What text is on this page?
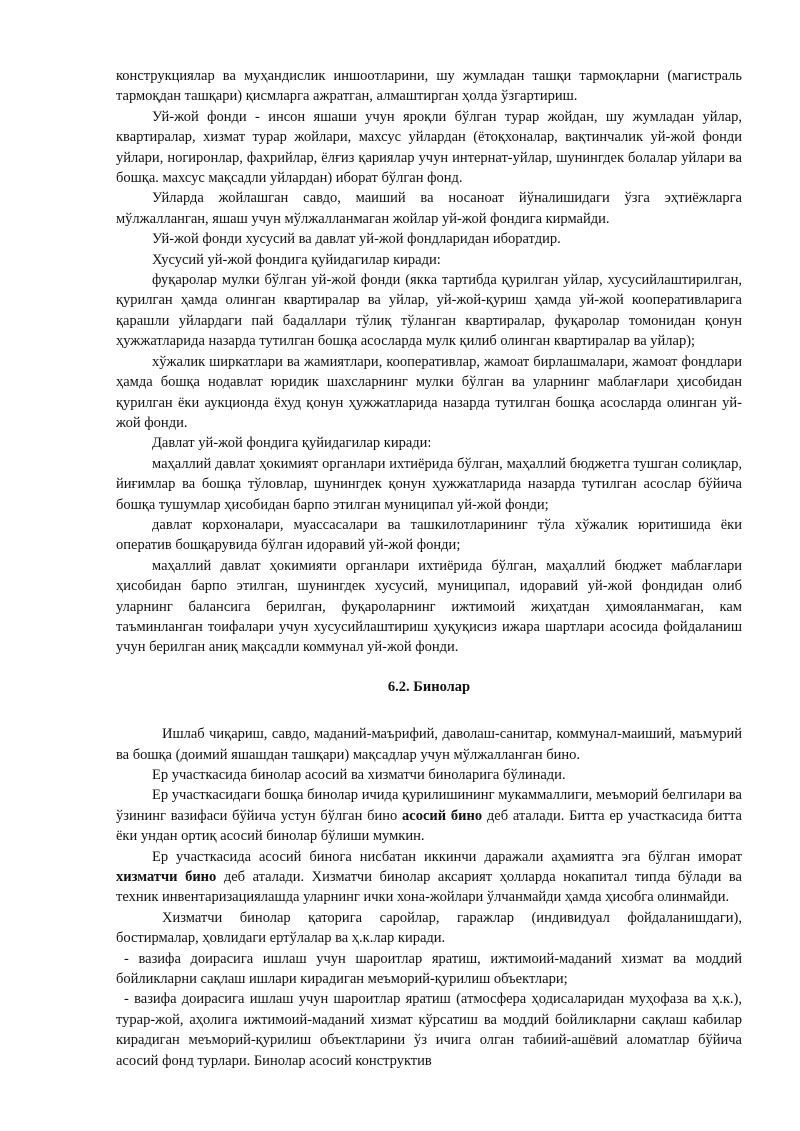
конструкциялар ва муҳандислик иншоотларини, шу жумладан ташқи тармоқларни (магистраль тармоқдан ташқари) қисмларга ажратган, алмаштирган ҳолда ўзгартириш.

Уй-жой фонди - инсон яшаши учун яроқли бўлган турар жойдан, шу жумладан уйлар, квартиралар, хизмат турар жойлари, махсус уйлардан (ётоқхоналар, вақтинчалик уй-жой фонди уйлари, ногиронлар, фахрийлар, ёлғиз қариялар учун интернат-уйлар, шунингдек болалар уйлари ва бошқа. махсус мақсадли уйлардан) иборат бўлган фонд.

Уйларда жойлашган савдо, маиший ва носаноат йўналишидаги ўзга эҳтиёжларга мўлжалланган, яшаш учун мўлжалланмаган жойлар уй-жой фондига кирмайди.

Уй-жой фонди хусусий ва давлат уй-жой фондларидан иборатдир.

Хусусий уй-жой фондига қуйидагилар киради:

фуқаролар мулки бўлган уй-жой фонди (якка тартибда қурилган уйлар, хусусийлаштирилган, қурилган ҳамда олинган квартиралар ва уйлар, уй-жой-қуриш ҳамда уй-жой кооперативларига қарашли уйлардаги пай бадаллари тўлиқ тўланган квартиралар, фуқаролар томонидан қонун ҳужжатларида назарда тутилган бошқа асосларда мулк қилиб олинган квартиралар ва уйлар);

хўжалик ширкатлари ва жамиятлари, кооперативлар, жамоат бирлашмалари, жамоат фондлари ҳамда бошқа нодавлат юридик шахсларнинг мулки бўлган ва уларнинг маблағлари ҳисобидан қурилган ёки аукционда ёхуд қонун ҳужжатларида назарда тутилган бошқа асосларда олинган уй-жой фонди.

Давлат уй-жой фондига қуйидагилар киради:

маҳаллий давлат ҳокимият органлари ихтиёрида бўлган, маҳаллий бюджетга тушган солиқлар, йиғимлар ва бошқа тўловлар, шунингдек қонун ҳужжатларида назарда тутилган асослар бўйича бошқа тушумлар ҳисобидан барпо этилган муниципал уй-жой фонди;

давлат корхоналари, муассасалари ва ташкилотларининг тўла хўжалик юритишида ёки оператив бошқарувида бўлган идоравий уй-жой фонди;

маҳаллий давлат ҳокимияти органлари ихтиёрида бўлган, маҳаллий бюджет маблағлари ҳисобидан барпо этилган, шунингдек хусусий, муниципал, идоравий уй-жой фондидан олиб уларнинг балансига берилган, фуқароларнинг ижтимоий жиҳатдан ҳимояланмаган, кам таъминланган тоифалари учун хусусийлаштириш ҳуқуқисиз ижара шартлари асосида фойдаланиш учун берилган аниқ мақсадли коммунал уй-жой фонди.

6.2. Бинолар

Ишлаб чиқариш, савдо, маданий-маърифий, даволаш-санитар, коммунал-маиший, маъмурий ва бошқа (доимий яшашдан ташқари) мақсадлар учун мўлжалланган бино.

Ер участкасида бинолар асосий ва хизматчи биноларига бўлинади.

Ер участкасидаги бошқа бинолар ичида қурилишининг мукаммаллиги, меъморий белгилари ва ўзининг вазифаси бўйича устун бўлган бино асосий бино деб аталади. Битта ер участкасида битта ёки ундан ортиқ асосий бинолар бўлиши мумкин.

Ер участкасида асосий бинога нисбатан иккинчи даражали аҳамиятга эга бўлган иморат хизматчи бино деб аталади. Хизматчи бинолар аксарият ҳолларда нокапитал типда бўлади ва техник инвентаризациялашда уларнинг ички хона-жойлари ўлчанмайди ҳамда ҳисобга олинмайди.

Хизматчи бинолар қаторига саройлар, гаражлар (индивидуал фойдаланишдаги), бостирмалар, ҳовлидаги ертўлалар ва ҳ.к.лар киради.

- вазифа доирасига ишлаш учун шароитлар яратиш, ижтимоий-маданий хизмат ва моддий бойликларни сақлаш ишлари кирадиган меъморий-қурилиш объектлари;

- вазифа доирасига ишлаш учун шароитлар яратиш (атмосфера ҳодисаларидан муҳофаза ва ҳ.к.), турар-жой, аҳолига ижтимоий-маданий хизмат кўрсатиш ва моддий бойликларни сақлаш кабилар кирадиган меъморий-қурилиш объектларини ўз ичига олган табиий-ашёвий аломатлар бўйича асосий фонд турлари. Бинолар асосий конструктив
